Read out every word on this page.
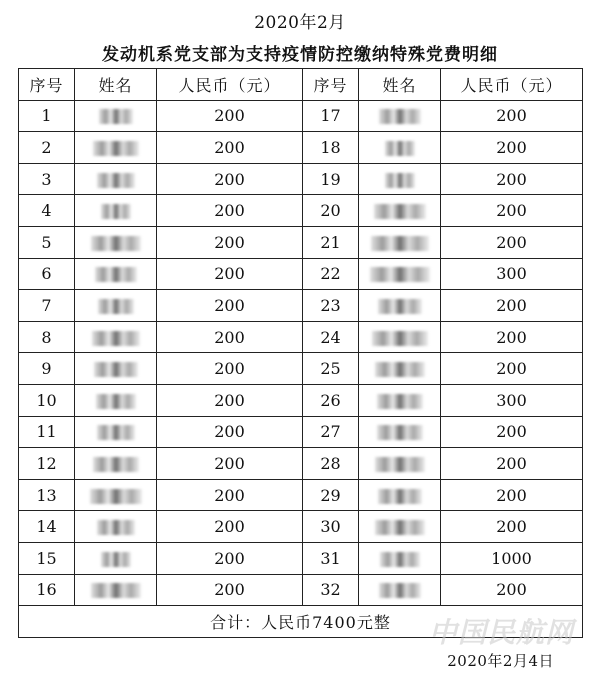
2020年2月
发动机系党支部为支持疫情防控缴纳特殊党费明细
序号	姓名	人民币（元）	序号	姓名	人民币（元）
1		200	17		200
2		200	18		200
3		200	19		200
4		200	20		200
5		200	21		200
6		200	22		300
7		200	23		200
8		200	24		200
9		200	25		200
10		200	26		300
11		200	27		200
12		200	28		200
13		200	29		200
14		200	30		200
15		200	31		1000
16		200	32		200
合计：人民币7400元整					中国民航网
2020年2月4日
